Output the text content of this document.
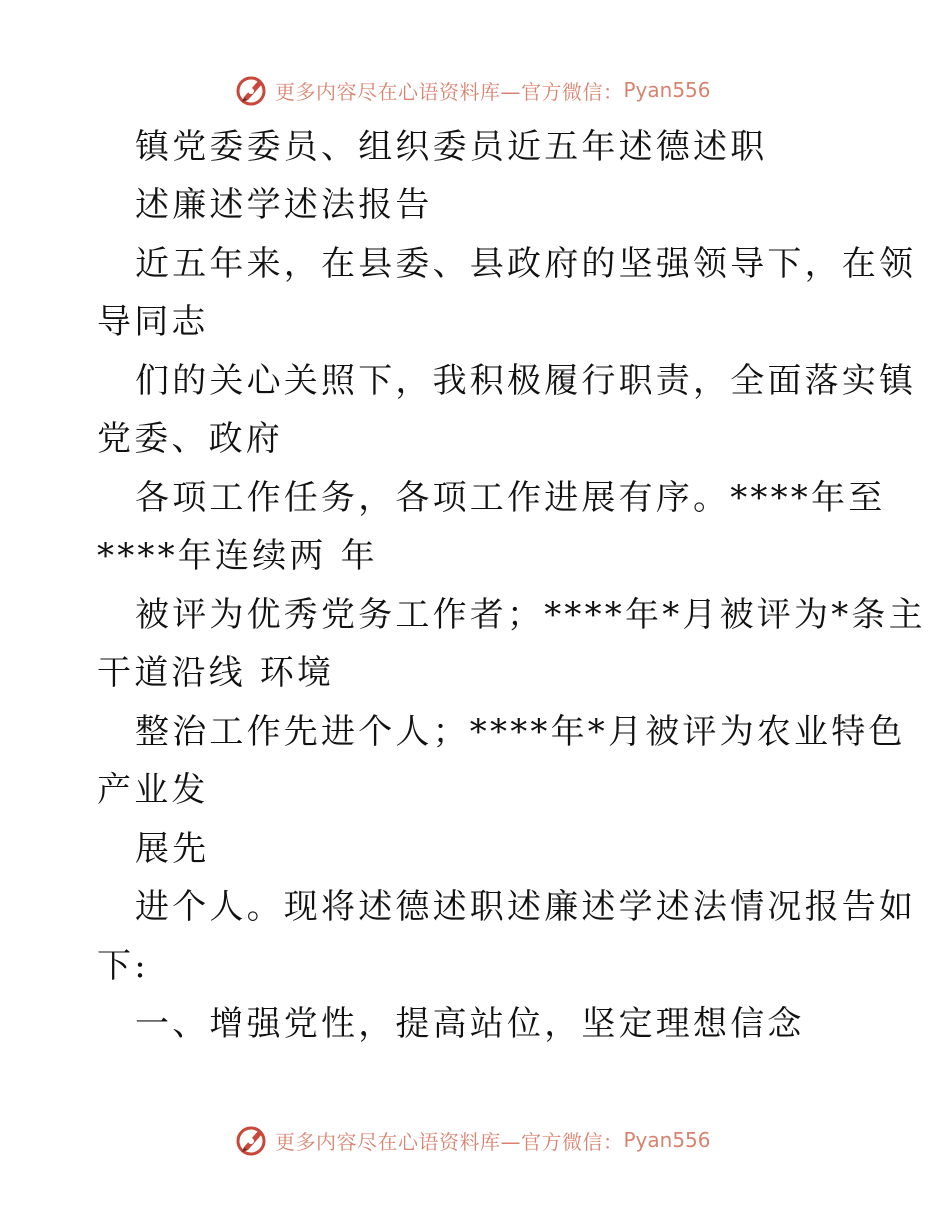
更多内容尽在心语资料库—官方微信： Pyan556
镇党委委员、组织委员近五年述德述职
述廉述学述法报告
近五年来，在县委、县政府的坚强领导下，在领
导同志
们的关心关照下，我积极履行职责，全面落实镇
党委、政府
各项工作任务，各项工作进展有序。****年至
****年连续两 年
被评为优秀党务工作者；****年*月被评为*条主
干道沿线 环境
整治工作先进个人；****年*月被评为农业特色
产业发
展先
进个人。现将述德述职述廉述学述法情况报告如
下:
一、增强党性，提高站位，坚定理想信念
更多内容尽在心语资料库—官方微信： Pyan556
